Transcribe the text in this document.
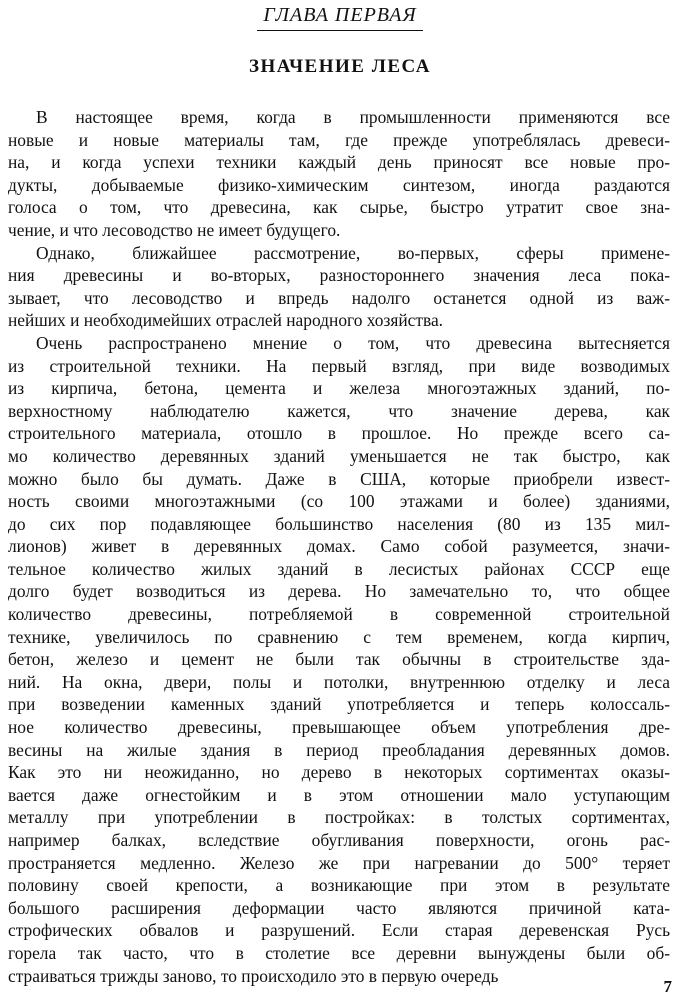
ГЛАВА ПЕРВАЯ
ЗНАЧЕНИЕ ЛЕСА
В настоящее время, когда в промышленности применяются все
новые и новые материалы там, где прежде употреблялась древеси-
на, и когда успехи техники каждый день приносят все новые про-
дукты, добываемые физико-химическим синтезом, иногда раздаются
голоса о том, что древесина, как сырье, быстро утратит свое зна-
чение, и что лесоводство не имеет будущего.
Однако, ближайшее рассмотрение, во-первых, сферы примене-
ния древесины и во-вторых, разностороннего значения леса пока-
зывает, что лесоводство и впредь надолго останется одной из важ-
нейших и необходимейших отраслей народного хозяйства.
Очень распространено мнение о том, что древесина вытесняется
из строительной техники. На первый взгляд, при виде возводимых
из кирпича, бетона, цемента и железа многоэтажных зданий, по-
верхностному наблюдателю кажется, что значение дерева, как
строительного материала, отошло в прошлое. Но прежде всего са-
мо количество деревянных зданий уменьшается не так быстро, как
можно было бы думать. Даже в США, которые приобрели извест-
ность своими многоэтажными (со 100 этажами и более) зданиями,
до сих пор подавляющее большинство населения (80 из 135 мил-
лионов) живет в деревянных домах. Само собой разумеется, значи-
тельное количество жилых зданий в лесистых районах СССР еще
долго будет возводиться из дерева. Но замечательно то, что общее
количество древесины, потребляемой в современной строительной
технике, увеличилось по сравнению с тем временем, когда кирпич,
бетон, железо и цемент не были так обычны в строительстве зда-
ний. На окна, двери, полы и потолки, внутреннюю отделку и леса
при возведении каменных зданий употребляется и теперь колоссаль-
ное количество древесины, превышающее объем употребления дре-
весины на жилые здания в период преобладания деревянных домов.
Как это ни неожиданно, но дерево в некоторых сортиментах оказы-
вается даже огнестойким и в этом отношении мало уступающим
металлу при употреблении в постройках: в толстых сортиментах,
например балках, вследствие обугливания поверхности, огонь рас-
пространяется медленно. Железо же при нагревании до 500° теряет
половину своей крепости, а возникающие при этом в результате
большого расширения деформации часто являются причиной ката-
строфических обвалов и разрушений. Если старая деревенская Русь
горела так часто, что в столетие все деревни вынуждены были об-
страиваться трижды заново, то происходило это в первую очередь
7
